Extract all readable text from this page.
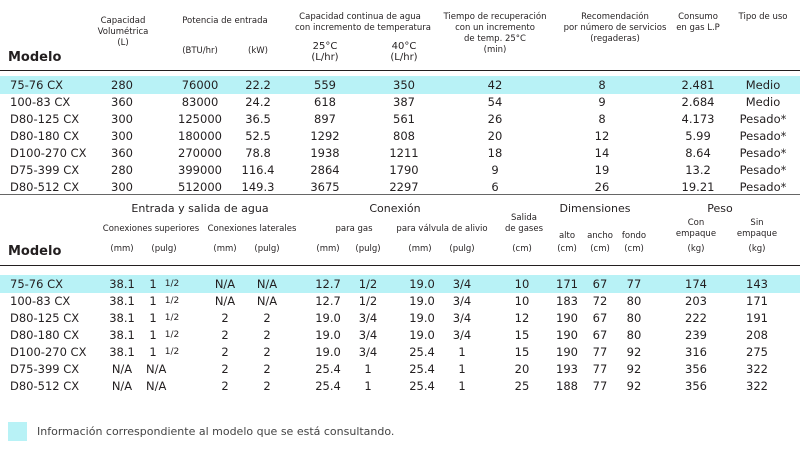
Modelo
Capacidad
Volumétrica
(L)
Potencia de entrada
(BTU/hr)	(kW)
Capacidad continua de agua
con incremento de temperatura
25°C
(L/hr)
40°C
(L/hr)
Tiempo de recuperación
con un incremento
de temp. 25°C
(min)
Recomendación
por número de servicios
(regaderas)
Consumo
en gas L.P
Tipo de uso
75-76 CX	280	76000	22.2	559	350	42	8	2.481	Medio
100-83 CX	360	83000	24.2	618	387	54	9	2.684	Medio
D80-125 CX	300	125000	36.5	897	561	26	8	4.173	Pesado*
D80-180 CX	300	180000	52.5	1292	808	20	12	5.99	Pesado*
D100-270 CX	360	270000	78.8	1938	1211	18	14	8.64	Pesado*
D75-399 CX	280	399000	116.4	2864	1790	9	19	13.2	Pesado*
D80-512 CX	300	512000	149.3	3675	2297	6	26	19.21	Pesado*
Entrada y salida de agua	Conexión	Dimensiones	Peso
Conexiones superiores Conexiones laterales	para gas	para válvula de alivio
Salida
de gases
alto	ancho	fondo
Con
empaque
Sin
empaque
Modelo	(mm)	(pulg)	(mm)	(pulg)	(mm)	(pulg)	(mm)	(pulg)	(cm)	(cm)	(cm)	(cm)	(kg)	(kg)
75-76 CX	38.1	1 1/2	N/A	N/A	12.7	1/2	19.0	3/4	10	171	67	77	174	143
100-83 CX	38.1	1 1/2	N/A	N/A	12.7	1/2	19.0	3/4	10	183	72	80	203	171
D80-125 CX	38.1	1 1/2	2	2	19.0	3/4	19.0	3/4	12	190	67	80	222	191
D80-180 CX	38.1	1 1/2	2	2	19.0	3/4	19.0	3/4	15	190	67	80	239	208
D100-270 CX	38.1	1 1/2	2	2	19.0	3/4	25.4	1	15	190	77	92	316	275
D75-399 CX	N/A	N/A	2	2	25.4	1	25.4	1	20	193	77	92	356	322
D80-512 CX	N/A	N/A	2	2	25.4	1	25.4	1	25	188	77	92	356	322
Información correspondiente al modelo que se está consultando.
